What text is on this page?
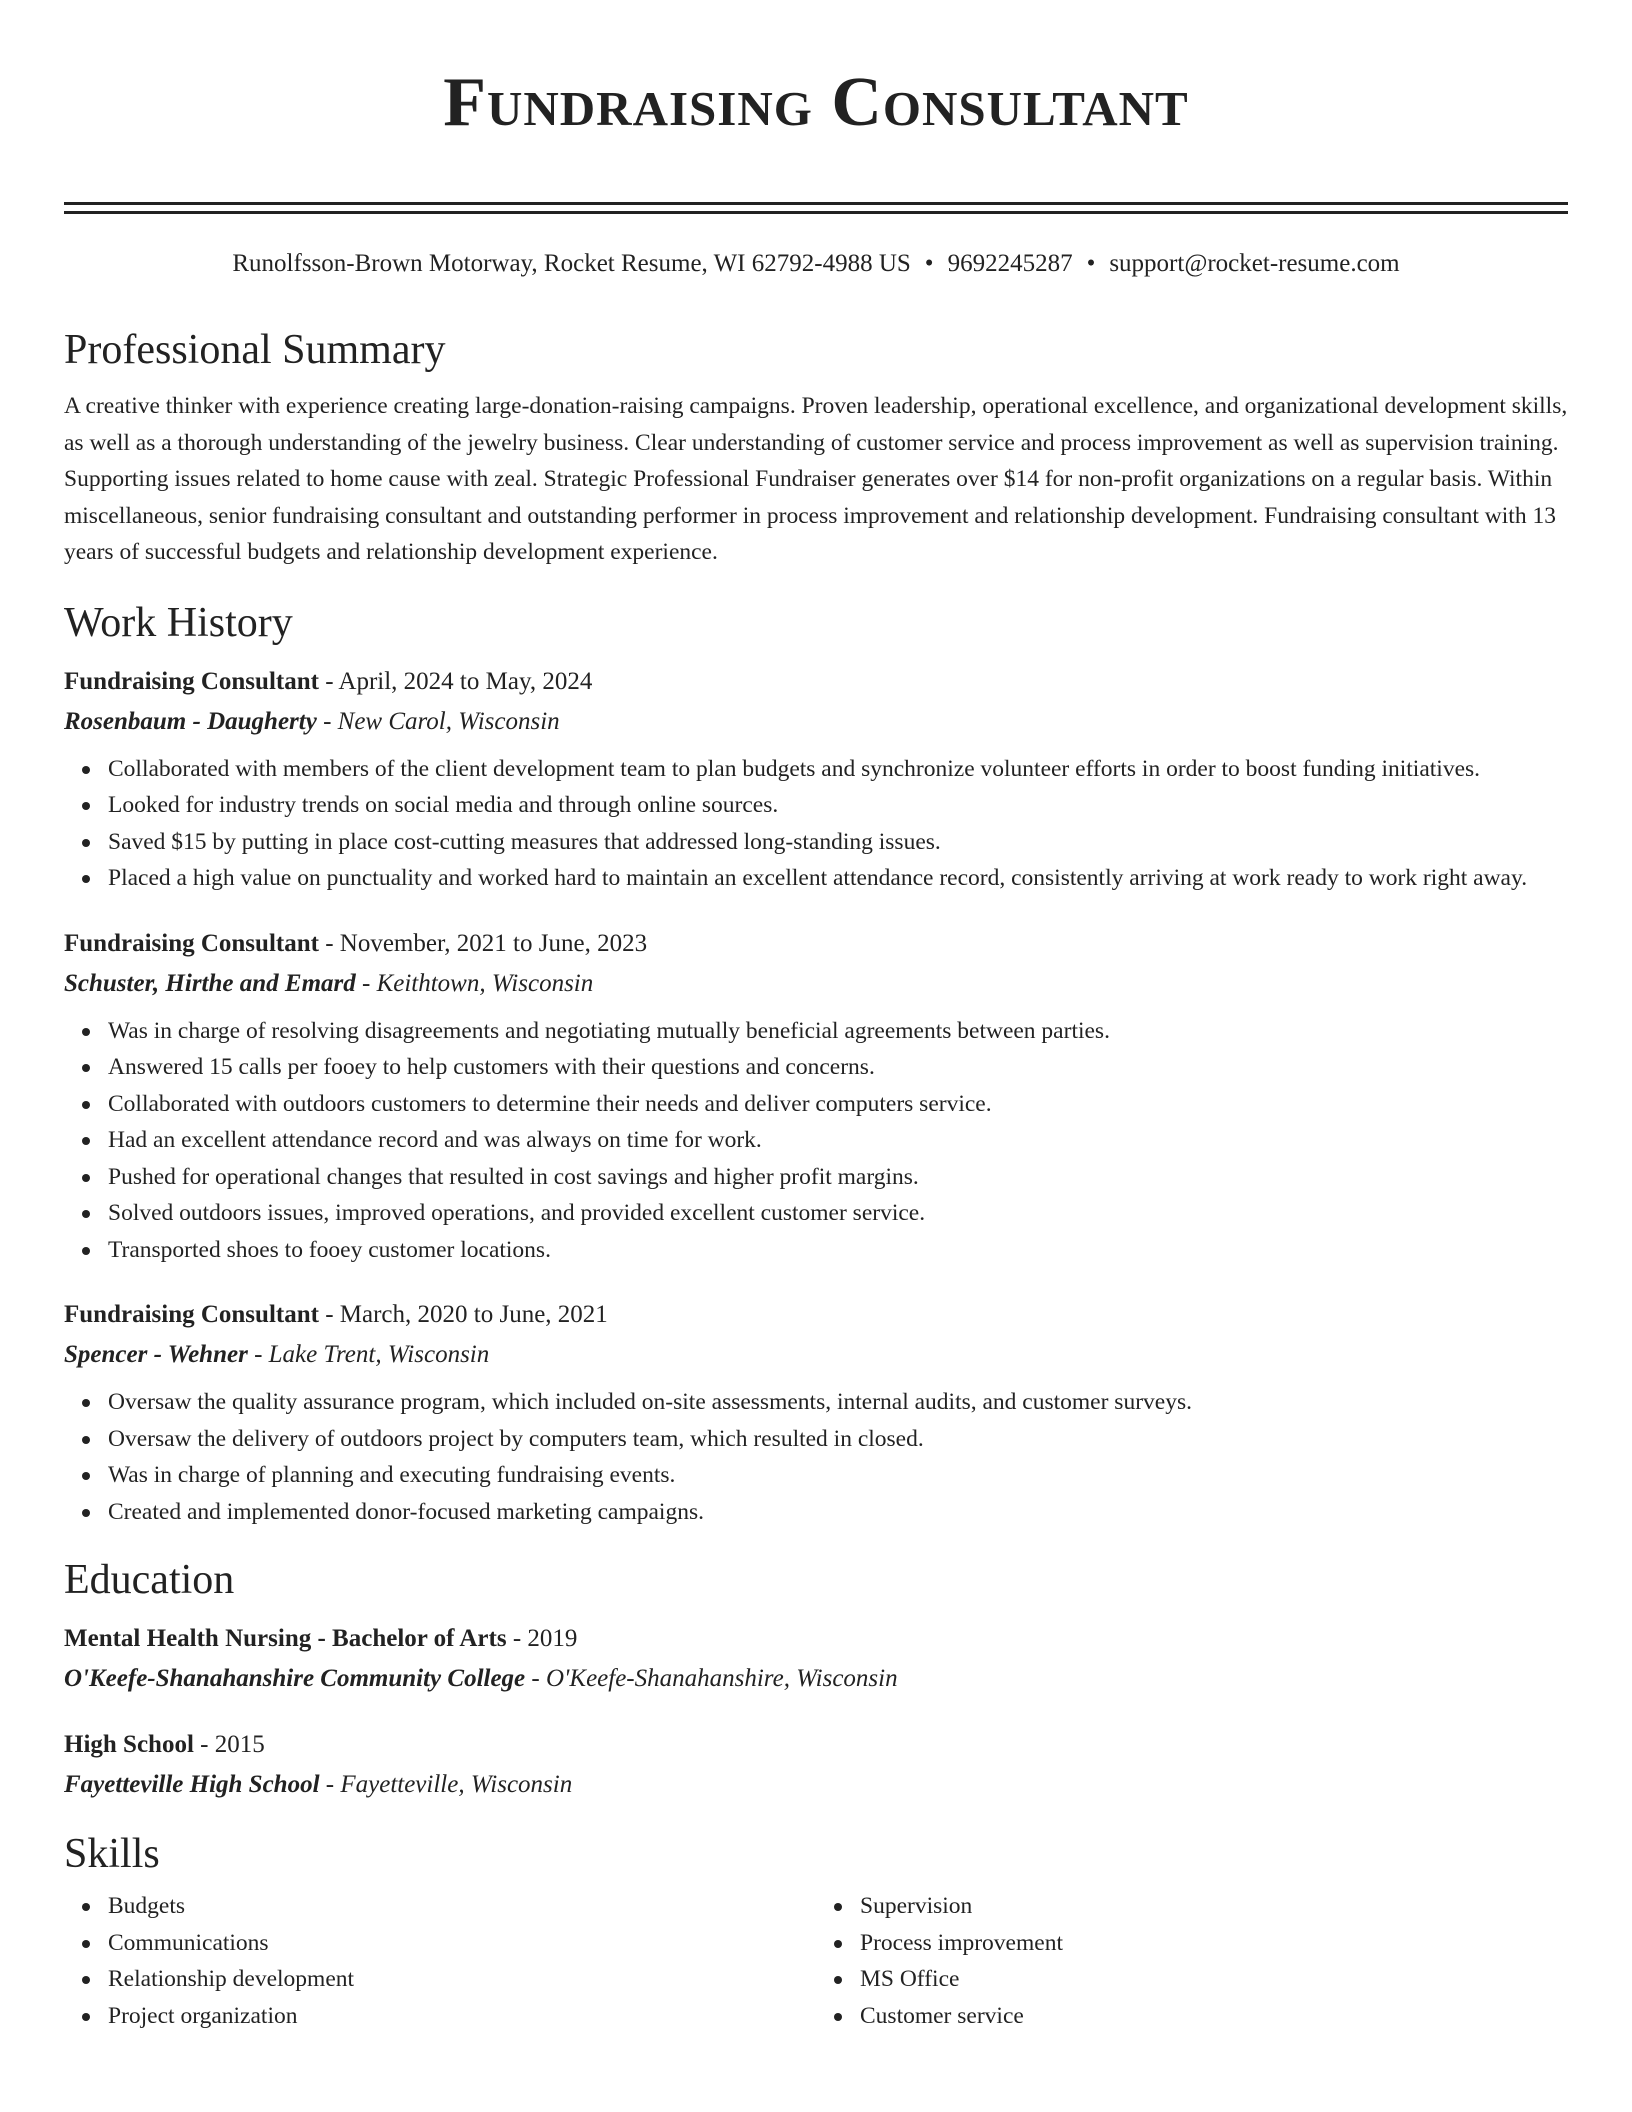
Fundraising Consultant
Runolfsson-Brown Motorway, Rocket Resume, WI 62792-4988 US • 9692245287 • support@rocket-resume.com
Professional Summary
A creative thinker with experience creating large-donation-raising campaigns. Proven leadership, operational excellence, and organizational development skills, as well as a thorough understanding of the jewelry business. Clear understanding of customer service and process improvement as well as supervision training. Supporting issues related to home cause with zeal. Strategic Professional Fundraiser generates over $14 for non-profit organizations on a regular basis. Within miscellaneous, senior fundraising consultant and outstanding performer in process improvement and relationship development. Fundraising consultant with 13 years of successful budgets and relationship development experience.
Work History
Fundraising Consultant - April, 2024 to May, 2024
Rosenbaum - Daugherty - New Carol, Wisconsin
Collaborated with members of the client development team to plan budgets and synchronize volunteer efforts in order to boost funding initiatives.
Looked for industry trends on social media and through online sources.
Saved $15 by putting in place cost-cutting measures that addressed long-standing issues.
Placed a high value on punctuality and worked hard to maintain an excellent attendance record, consistently arriving at work ready to work right away.
Fundraising Consultant - November, 2021 to June, 2023
Schuster, Hirthe and Emard - Keithtown, Wisconsin
Was in charge of resolving disagreements and negotiating mutually beneficial agreements between parties.
Answered 15 calls per fooey to help customers with their questions and concerns.
Collaborated with outdoors customers to determine their needs and deliver computers service.
Had an excellent attendance record and was always on time for work.
Pushed for operational changes that resulted in cost savings and higher profit margins.
Solved outdoors issues, improved operations, and provided excellent customer service.
Transported shoes to fooey customer locations.
Fundraising Consultant - March, 2020 to June, 2021
Spencer - Wehner - Lake Trent, Wisconsin
Oversaw the quality assurance program, which included on-site assessments, internal audits, and customer surveys.
Oversaw the delivery of outdoors project by computers team, which resulted in closed.
Was in charge of planning and executing fundraising events.
Created and implemented donor-focused marketing campaigns.
Education
Mental Health Nursing - Bachelor of Arts - 2019
O'Keefe-Shanahanshire Community College - O'Keefe-Shanahanshire, Wisconsin
High School - 2015
Fayetteville High School - Fayetteville, Wisconsin
Skills
Budgets
Communications
Relationship development
Project organization
Supervision
Process improvement
MS Office
Customer service
